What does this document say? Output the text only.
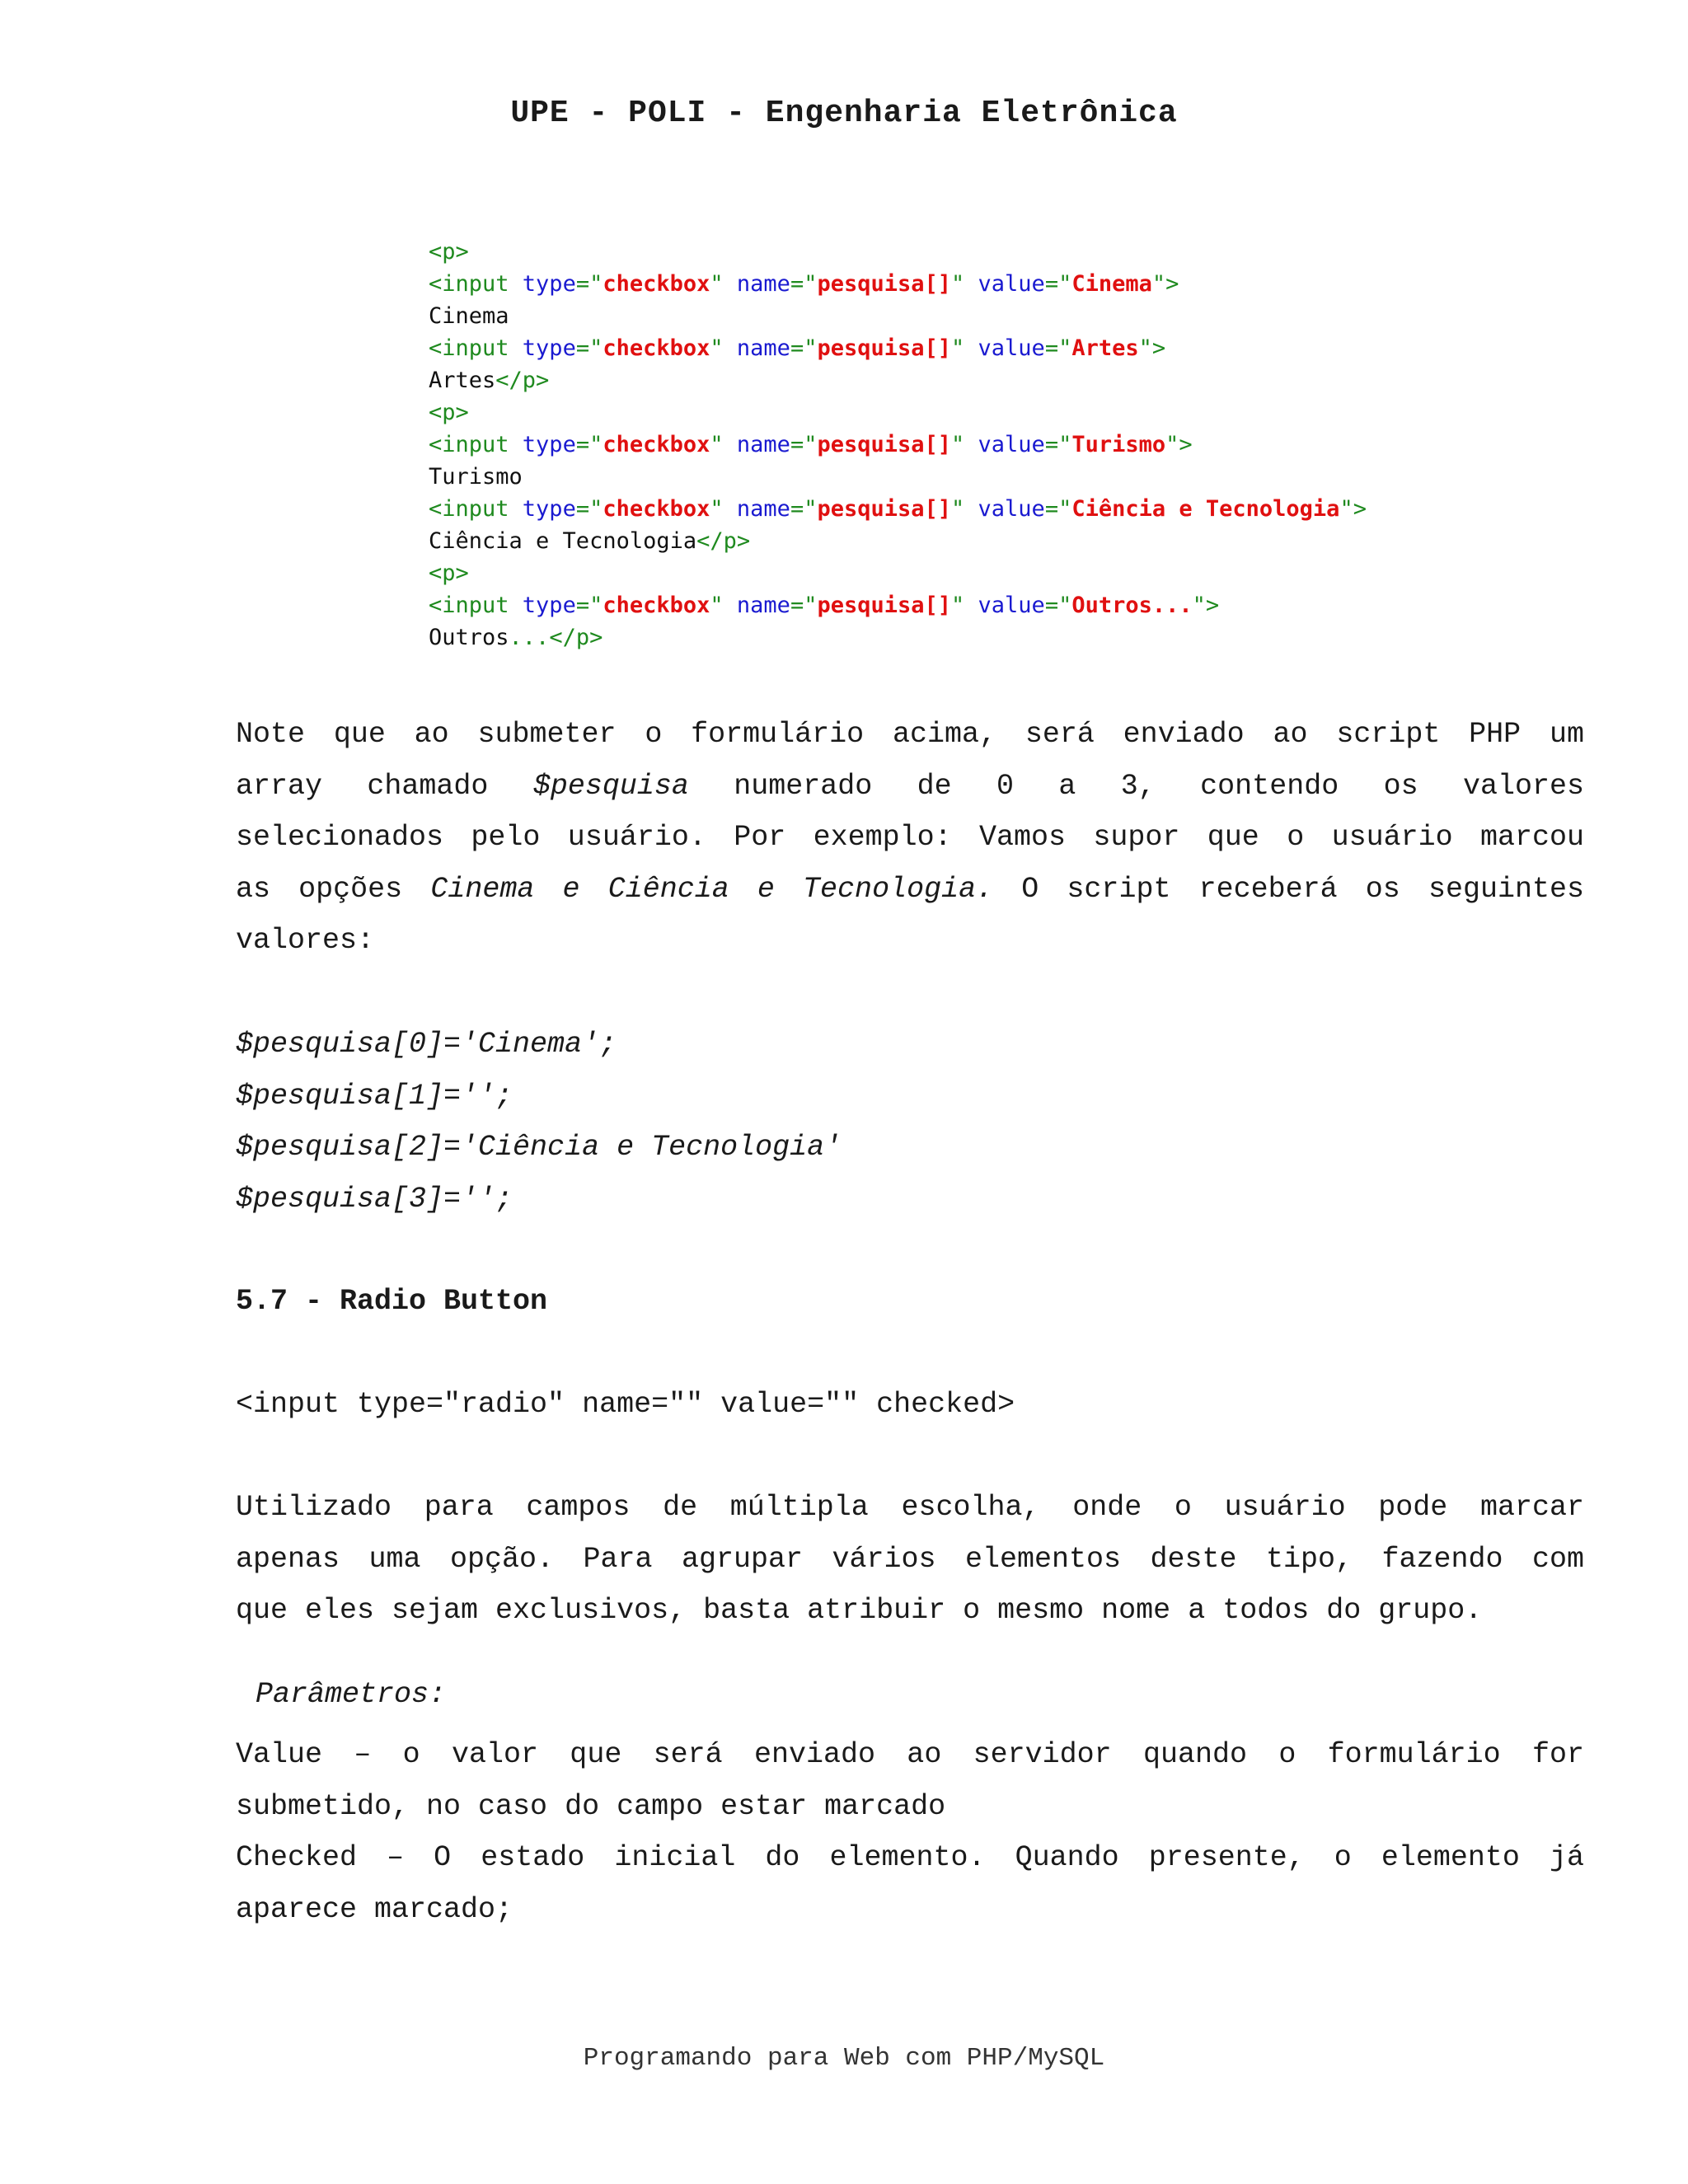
UPE - POLI - Engenharia Eletrônica
<p>
<input type="checkbox" name="pesquisa[]" value="Cinema">
Cinema
<input type="checkbox" name="pesquisa[]" value="Artes">
Artes</p>
<p>
<input type="checkbox" name="pesquisa[]" value="Turismo">
Turismo
<input type="checkbox" name="pesquisa[]" value="Ciência e Tecnologia">
Ciência e Tecnologia</p>
<p>
<input type="checkbox" name="pesquisa[]" value="Outros...">
Outros...</p>
Note que ao submeter o formulário acima, será enviado ao script PHP um
array chamado $pesquisa numerado de 0 a 3, contendo os valores
selecionados pelo usuário. Por exemplo: Vamos supor que o usuário marcou
as opções Cinema e Ciência e Tecnologia. O script receberá os seguintes
valores:
$pesquisa[0]='Cinema';
$pesquisa[1]='';
$pesquisa[2]='Ciência e Tecnologia'
$pesquisa[3]='';
5.7 - Radio Button
<input type="radio" name="" value="" checked>
Utilizado para campos de múltipla escolha, onde o usuário pode marcar
apenas uma opção. Para agrupar vários elementos deste tipo, fazendo com
que eles sejam exclusivos, basta atribuir o mesmo nome a todos do grupo.
Parâmetros:
Value – o valor que será enviado ao servidor quando o formulário for
submetido, no caso do campo estar marcado
Checked – O estado inicial do elemento. Quando presente, o elemento já
aparece marcado;
Programando para Web com PHP/MySQL
